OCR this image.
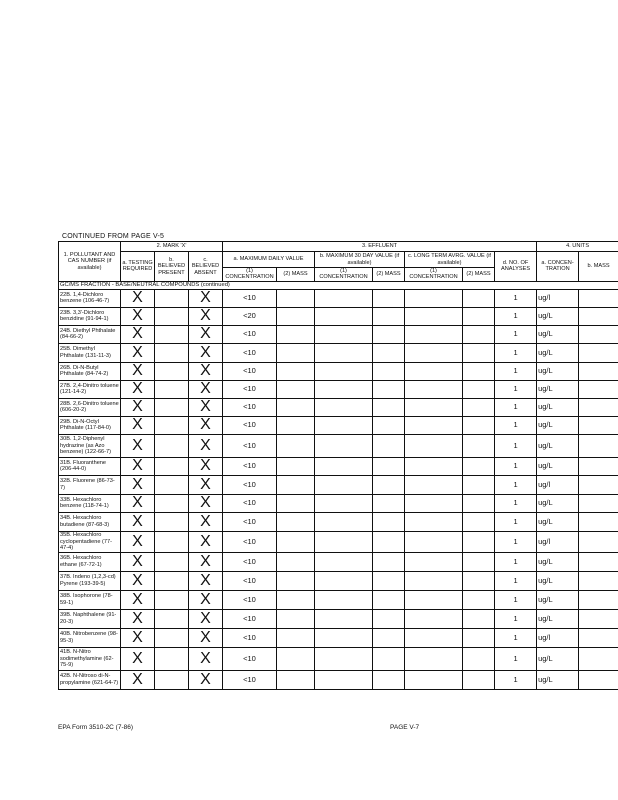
CONTINUED FROM PAGE V-5
1. POLLUTANT AND CAS NUMBER (if available)	2. MARK 'X'			3. EFFLUENT							4. UNITS	
	a. TESTING REQUIRED	b. BELIEVED PRESENT	c. BELIEVED ABSENT	a. MAXIMUM DAILY VALUE		b. MAXIMUM 30 DAY VALUE (if available)		c. LONG TERM AVRG. VALUE (if available)		d. NO. OF ANALYSES	a. CONCEN- TRATION	b. MASS
				(1) CONCENTRATION	(2) MASS	(1) CONCENTRATION	(2) MASS	(1) CONCENTRATION	(2) MASS			
GC/MS FRACTION - BASE/NEUTRAL COMPOUNDS (continued)												
22B. 1,4-Dichloro benzene (106-46-7)	X		X	<10						1	ug/l	
23B. 3,3'-Dichloro benzidine (91-94-1)	X		X	<20						1	ug/L	
24B. Diethyl Phthalate (84-66-2)	X		X	<10						1	ug/L	
25B. Dimethyl Phthalate (131-11-3)	X		X	<10						1	ug/L	
26B. Di-N-Butyl Phthalate (84-74-2)	X		X	<10						1	ug/L	
27B. 2,4-Dinitro toluene (121-14-2)	X		X	<10						1	ug/L	
28B. 2,6-Dinitro toluene (606-20-2)	X		X	<10						1	ug/L	
29B. Di-N-Octyl Phthalate (117-84-0)	X		X	<10						1	ug/L	
30B. 1,2-Diphenyl hydrazine (as Azo benzene) (122-66-7)	X		X	<10						1	ug/L	
31B. Fluoranthene (206-44-0)	X		X	<10						1	ug/L	
32B. Fluorene (86-73-7)	X		X	<10						1	ug/l	
33B. Hexachloro benzene (118-74-1)	X		X	<10						1	ug/L	
34B. Hexachloro butadiene (87-68-3)	X		X	<10						1	ug/L	
35B. Hexachloro cyclopentadiene (77-47-4)	X		X	<10						1	ug/l	
36B. Hexachloro ethane (67-72-1)	X		X	<10						1	ug/L	
37B. Indeno (1,2,3-cd) Pyrene (193-39-5)	X		X	<10						1	ug/L	
38B. Isophorone (78-59-1)	X		X	<10						1	ug/L	
39B. Naphthalene (91-20-3)	X		X	<10						1	ug/L	
40B. Nitrobenzene (98-95-3)	X		X	<10						1	ug/l	
41B. N-Nitro sodimethylamine (62-75-9)	X		X	<10						1	ug/L	
42B. N-Nitroso di-N-propylamine (621-64-7)	X		X	<10						1	ug/L	
EPA Form 3510-2C (7-86)	PAGE V-7
